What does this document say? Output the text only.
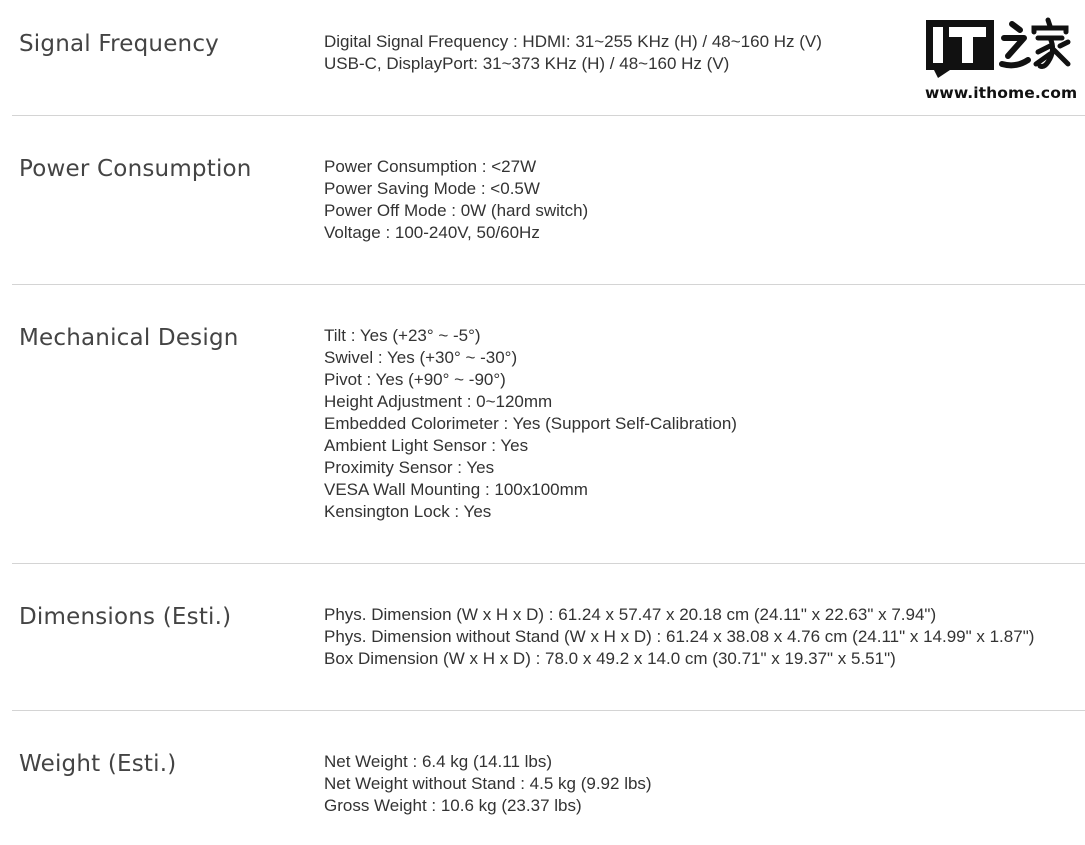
Signal Frequency	Digital Signal Frequency : HDMI: 31~255 KHz (H) / 48~160 Hz (V)
USB-C, DisplayPort: 31~373 KHz (H) / 48~160 Hz (V)
Power Consumption	Power Consumption : <27W
Power Saving Mode : <0.5W
Power Off Mode : 0W (hard switch)
Voltage : 100-240V, 50/60Hz
Mechanical Design	Tilt : Yes (+23° ~ -5°)
Swivel : Yes (+30° ~ -30°)
Pivot : Yes (+90° ~ -90°)
Height Adjustment : 0~120mm
Embedded Colorimeter : Yes (Support Self-Calibration)
Ambient Light Sensor : Yes
Proximity Sensor : Yes
VESA Wall Mounting : 100x100mm
Kensington Lock : Yes
Dimensions (Esti.)	Phys. Dimension (W x H x D) : 61.24 x 57.47 x 20.18 cm (24.11" x 22.63" x 7.94")
Phys. Dimension without Stand (W x H x D) : 61.24 x 38.08 x 4.76 cm (24.11" x 14.99" x 1.87")
Box Dimension (W x H x D) : 78.0 x 49.2 x 14.0 cm (30.71" x 19.37" x 5.51")
Weight (Esti.)	Net Weight : 6.4 kg (14.11 lbs)
Net Weight without Stand : 4.5 kg (9.92 lbs)
Gross Weight : 10.6 kg (23.37 lbs)
www.ithome.com
